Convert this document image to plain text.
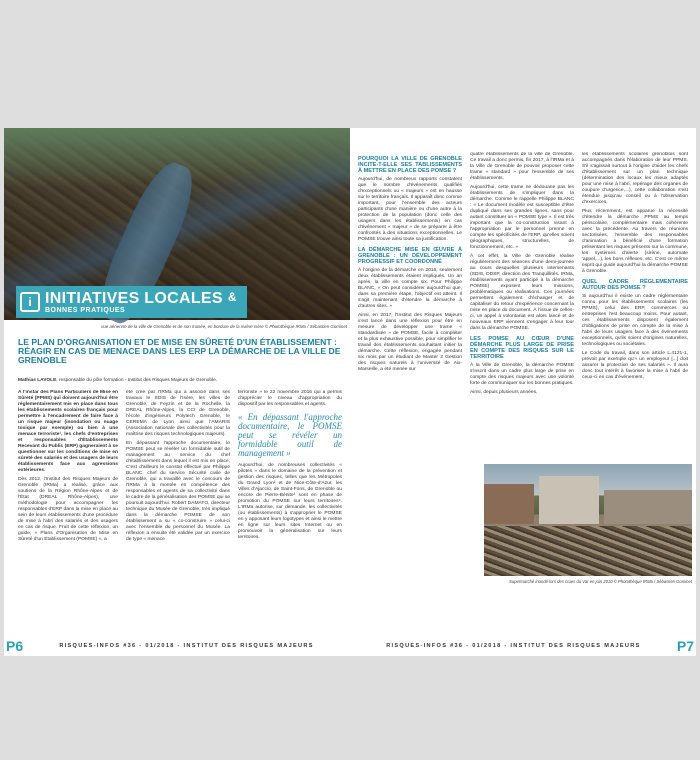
i INITIATIVES LOCALES
BONNES PRATIQUES
&
vue aérienne de la ville de Grenoble et de son musée, en bordure de la rivière Isère © Photothèque IRMa / Sébastien Gominet
LE PLAN D'ORGANISATION ET DE MISE EN SÛRETÉ D'UN ÉTABLISSEMENT : RÉAGIR EN CAS DE MENACE DANS LES ERP LA DÉMARCHE DE LA VILLE DE GRENOBLE
Mathias LAVOLE, responsable du pôle formation - Institut des Risques Majeurs de Grenoble.

À l'instar des Plans Particuliers de Mise en Sûreté (PPMS) qui doivent aujourd'hui être réglementairement mis en place dans tous les établissements scolaires français pour permettre à l'encadrement de faire face à un risque majeur (inondation ou nuage toxique par exemple) ou bien à une menace terroriste¹, les chefs d'entreprises et responsables d'Établissements Recevant du Public (ERP) gagneraient à se questionner sur les conditions de mise en sûreté des salariés et des usagers de leurs établissements face aux agressions extérieures.

Dès 2012, l'Institut des Risques Majeurs de Grenoble (IRMa) a réalisé, grâce aux soutiens de la Région Rhône-Alpes et de l'État (DREAL Rhône-Alpes), une méthodologie pour accompagner les responsables d'ERP dans la mise en place au sein de leurs établissements d'une procédure de mise à l'abri des salariés et des usagers en cas de risque. Fruit de cette réflexion, un guide, « Plans d'Organisation de Mise en Sûreté d'un Établissement (POMSE) », a

été créé par l'IRMa qui a associé dans ses travaux le SDIS de l'Isère, les villes de Grenoble, de Feyzin et de la Rochelle, la DREAL Rhône-Alpes, la CCI de Grenoble, l'école d'ingénieurs Polytech Grenoble, le CEREMA de Lyon ainsi que l'AMARIS (Association nationale des collectivités pour la maîtrise des risques technologiques majeurs).

En dépassant l'approche documentaire, le POMSE peut se révéler un formidable outil de management au service du chef d'établissement dans lequel il est mis en place. C'est d'ailleurs le constat effectué par Philippe BLANC, chef du service Sécurité civile de Grenoble, qui a travaillé avec le concours de l'IRMa à la montée en compétence des responsables et agents de sa collectivité dans le cadre de la généralisation des POMSE qui se poursuit aujourd'hui. Robert DAMATO, directeur technique du Musée de Grenoble, très impliqué dans la démarche POMSE de son établissement a su « co-construire » celui-ci avec l'ensemble du personnel du Musée. La réflexion a ensuite été validée par un exercice de type « menace

terroriste » le 22 novembre 2016 qui a permis d'apprécier le niveau d'appropriation du dispositif par les responsables et agents.

« En dépassant l'approche documentaire, le POMSE peut se révéler un formidable outil de management »

Aujourd'hui, de nombreuses collectivités « pilotes » dans le domaine de la prévention et gestion des risques, telles que les Métropoles du Grand Lyon² et de Nice-Côte-d'Azur, les Villes d'Ajaccio, de Saint-Fons, de Grenoble ou encore de Pierre-Bénite³ sont en phase de promotion du POMSE sur leurs territoires⁴. L'IRMa autorise, sur demande, les collectivités (ou établissements) à s'approprier le POMSE en y apposant leurs logotypes et ainsi le mettre en ligne sur leurs sites Internet ou en promouvoir la généralisation sur leurs territoires.

P6	RISQUES-INFOS #36 - 01/2018 - INSTITUT DES RISQUES MAJEURS
POURQUOI LA VILLE DE GRENOBLE INCITE-T-ELLE SES TABLISSEMENTS À METTRE EN PLACE DES POMSE ?

Aujourd'hui, de nombreux rapports constatent que le nombre d'événements qualifiés d'exceptionnels ou « majeurs » est en hausse sur le territoire français. Il apparaît donc comme important, pour l'ensemble des acteurs participants d'une manière ou d'une autre à la protection de la population (donc celle des usagers dans les établissements) en cas d'événement « majeur » de se préparer à être confrontés à des situations exceptionnelles. Le POMSE trouve ainsi toute sa justification.

LA DÉMARCHE MISE EN ŒUVRE À GRENOBLE : UN DÉVELOPPEMENT PROGRESSIF ET COORDONNÉ

À l'origine de la démarche en 2016, seulement deux établissements étaient impliqués. Un an après, la ville en compte six. Pour Philippe BLANC, « On peut considérer aujourd'hui que, dans sa première étape, l'objectif est atteint. Il s'agit maintenant d'étendre la démarche à d'autres sites. »

Ainsi, en 2017, l'Institut des Risques Majeurs s'est lancé dans une réflexion pour être en mesure de développer une trame « standardisée » de POMSE, facile à compléter et la plus exhaustive possible, pour simplifier le travail des établissements souhaitant initier la démarche. Cette réflexion, engagée pendant six mois par un étudiant de Master 2 Gestion des risques naturels à l'université de Aix-Marseille, a été menée sur

quatre établissements de la ville de Grenoble. Ce travail a donc permis, fin 2017, à l'IRMa et à la Ville de Grenoble de pouvoir proposer cette trame « standard » pour l'ensemble de ses établissements.

Aujourd'hui, cette trame ne dédouane pas les établissements de s'impliquer dans la démarche. Comme le rappelle Philippe BLANC : « Le document modèle est susceptible d'être dupliqué dans ses grandes lignes, sans pour autant constituer un « POMSE type ». Il est très important que la co-construction visant à l'appropriation par le personnel prenne en compte les spécificités de l'ERP, qu'elles soient géographiques, structurelles, de fonctionnement, etc. »

À cet effet, la Ville de Grenoble réalise régulièrement des séances d'une demi-journée au cours desquelles plusieurs intervenants (SDIS, DDSP, direction des Tranquillités, IRMa, établissements ayant participé à la démarche POMSE) exposent leurs missions, problématiques ou réalisations. Ces journées permettent également d'échanger et de capitaliser du retour d'expérience concernant la mise en place du document. À l'issue de celles-ci, un appel à volontariat est alors lancé et de nouveaux ERP viennent s'engager à leur tour dans la démarche POMSE.

LES POMSE AU CŒUR D'UNE DÉMARCHE PLUS LARGE DE PRISE EN COMPTE DES RISQUES SUR LE TERRITOIRE

À la Ville de Grenoble, la démarche POMSE s'inscrit dans un cadre plus large de prise en compte des risques majeurs avec une volonté forte de communiquer sur les bonnes pratiques.

Ainsi, depuis plusieurs années,

les établissements scolaires grenoblois sont accompagnés dans l'élaboration de leur PPMS. S'il s'agissait surtout à l'origine d'aider les chefs d'établissement sur un plan technique (détermination des locaux les mieux adaptés pour une mise à l'abri, repérage des organes de coupure d'urgence,...), cette collaboration s'est étendue jusqu'au conseil ou à l'observation d'exercices.

Plus récemment, est apparue la nécessité d'étendre la démarche PPMS au temps périscolaire, complémentaire mais cohérente avec la précédente. Au travers de réunions sectorisées, l'ensemble des responsables d'animation a bénéficié d'une formation présentant les risques présents sur la commune, les systèmes d'alerte (sirène, automate 'appel,...), les bons réflexes, etc. C'est ce même esprit qui guide aujourd'hui la démarche POMSE à Grenoble.

QUEL CADRE RÉGLEMENTAIRE AUTOUR DES POMSE ?

Si aujourd'hui il existe un cadre réglementaire connu pour les établissements scolaires (les PPMS), celui des ERP, commerces ou entreprises l'est beaucoup moins. Pour autant, ces établissements disposent également d'obligations de prise en compte de la mise à l'abri de leurs usagers face à des événements exceptionnels, qu'ils soient d'origines naturelles, technologiques ou sociétales.

Le Code du travail, dans son article L.4121-1, prévoit par exemple qu'« un employeur [...] doit assurer la protection de ses salariés ». Il aura donc tout intérêt à favoriser la mise à l'abri de ceux-ci en cas d'événement,

Supermarché inondé lors des crues du Var en juin 2010 © Photothèque IRMa / Sébastien Gominet
RISQUES-INFOS #36 - 01/2018 - INSTITUT DES RISQUES MAJEURS	P7
